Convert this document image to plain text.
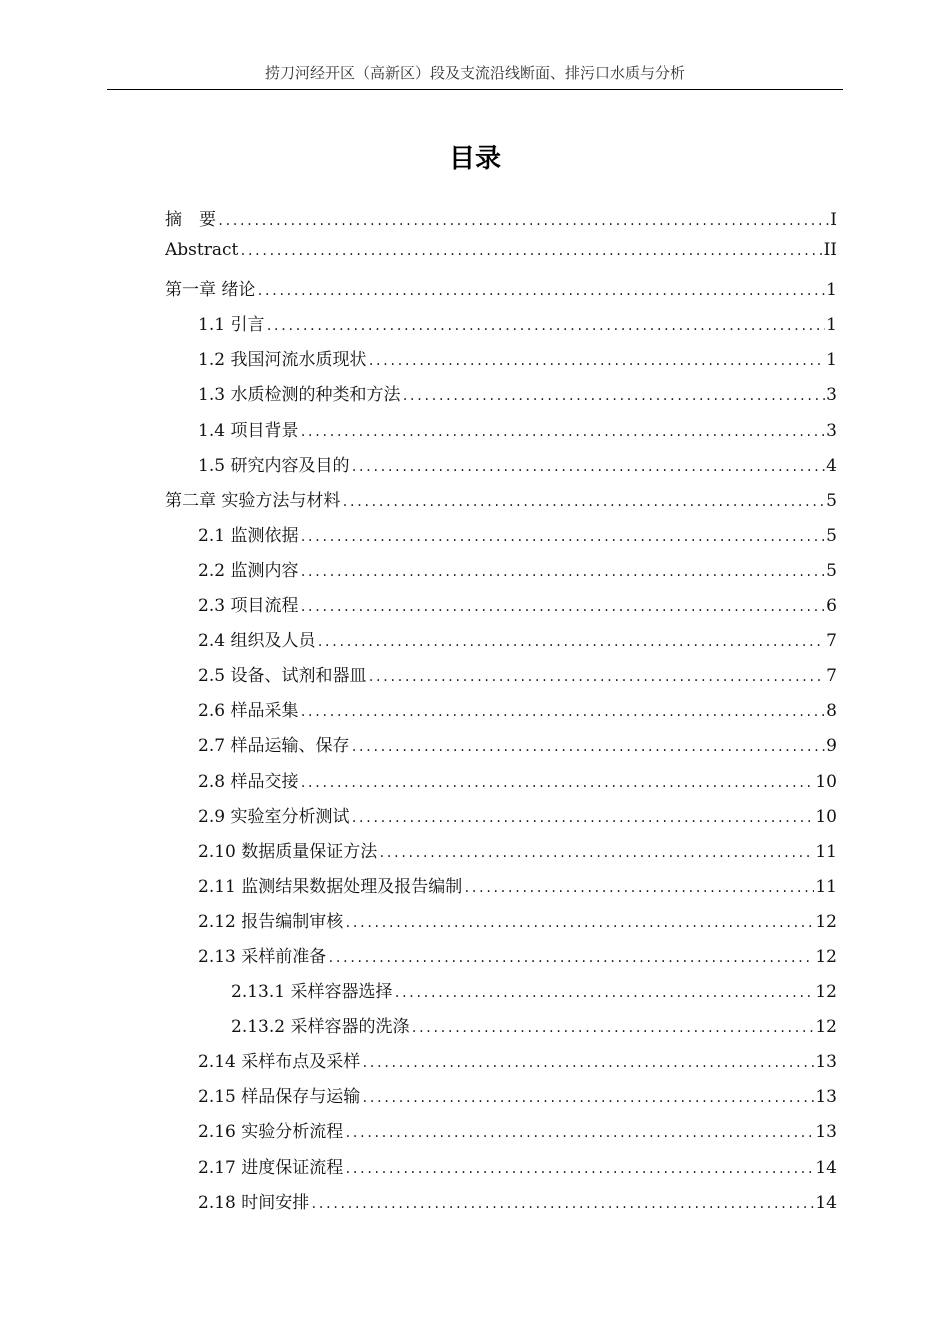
捞刀河经开区（高新区）段及支流沿线断面、排污口水质与分析
目录
摘　要 .....	I
Abstract .....	II
第一章 绪论 .....	1
1.1 引言 .....	1
1.2 我国河流水质现状 .....	1
1.3 水质检测的种类和方法 .....	3
1.4 项目背景 .....	3
1.5 研究内容及目的 .....	4
第二章 实验方法与材料 .....	5
2.1 监测依据 .....	5
2.2 监测内容 .....	5
2.3 项目流程 .....	6
2.4 组织及人员 .....	7
2.5 设备、试剂和器皿 .....	7
2.6 样品采集 .....	8
2.7 样品运输、保存 .....	9
2.8 样品交接 .....	10
2.9 实验室分析测试 .....	10
2.10 数据质量保证方法 .....	11
2.11 监测结果数据处理及报告编制 .....	11
2.12 报告编制审核 .....	12
2.13 采样前准备 .....	12
2.13.1 采样容器选择 .....	12
2.13.2 采样容器的洗涤 .....	12
2.14 采样布点及采样 .....	13
2.15 样品保存与运输 .....	13
2.16 实验分析流程 .....	13
2.17 进度保证流程 .....	14
2.18 时间安排 .....	14
